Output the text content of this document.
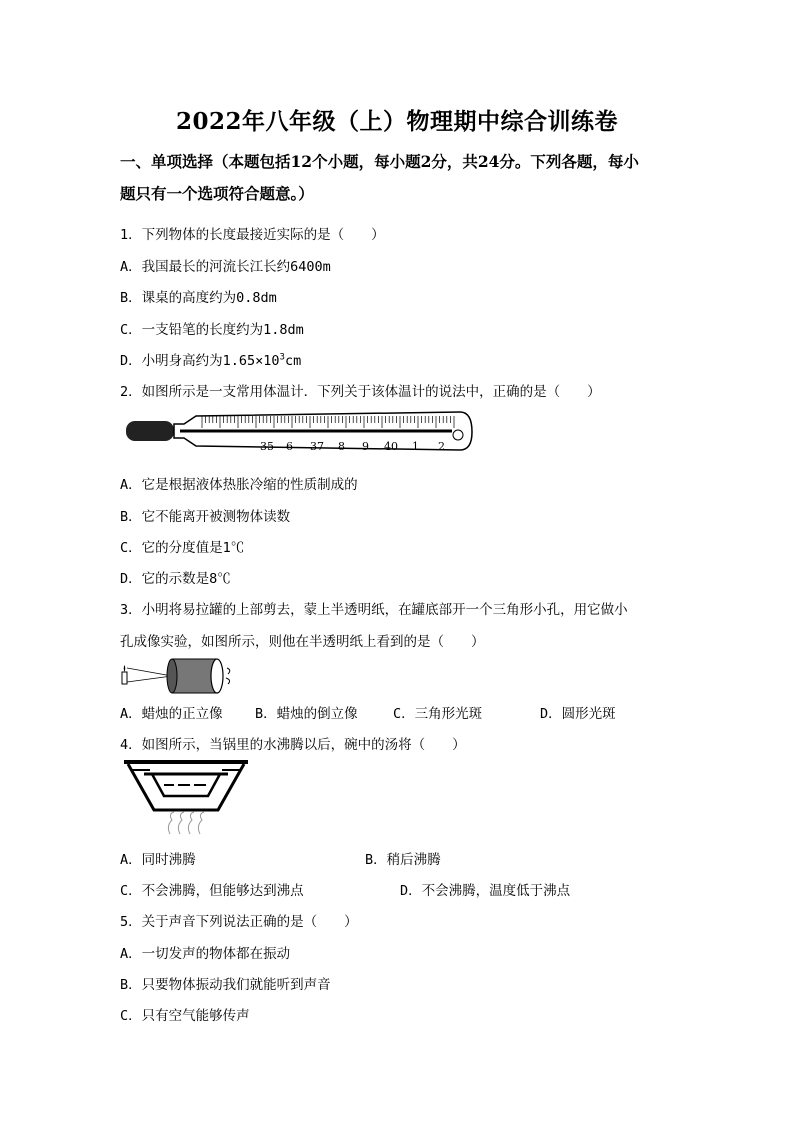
2022年八年级（上）物理期中综合训练卷
一、单项选择（本题包括12个小题，每小题2分，共24分。下列各题，每小
题只有一个选项符合题意。）
1．下列物体的长度最接近实际的是（　　）
A．我国最长的河流长江长约6400m
B．课桌的高度约为0.8dm
C．一支铅笔的长度约为1.8dm
D．小明身高约为$1.65\times 10^3cm$
2．如图所示是一支常用体温计．下列关于该体温计的说法中，正确的是（　　）
35 6 37 8 9 40 1 2
A．它是根据液体热胀冷缩的性质制成的
B．它不能离开被测物体读数
C．它的分度值是1℃
D．它的示数是8℃
3．小明将易拉罐的上部剪去，蒙上半透明纸，在罐底部开一个三角形小孔，用它做小
孔成像实验，如图所示，则他在半透明纸上看到的是（　　）
A．蜡烛的正立像 B．蜡烛的倒立像	C．三角形光斑	D．圆形光斑
4．如图所示，当锅里的水沸腾以后，碗中的汤将（　　）
A．同时沸腾	B．稍后沸腾
C．不会沸腾，但能够达到沸点	D．不会沸腾，温度低于沸点
5．关于声音下列说法正确的是（　　）
A．一切发声的物体都在振动
B．只要物体振动我们就能听到声音
C．只有空气能够传声
